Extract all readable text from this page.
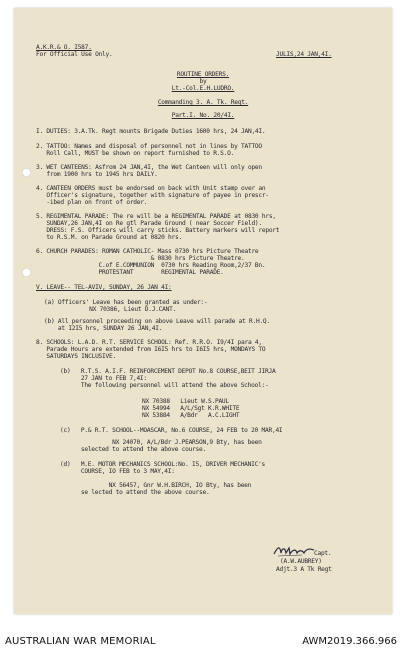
A.K.R.& O. I587.
For Official Use Only.	JULIS,24 JAN,4I.
ROUTINE ORDERS.
by
Lt.-Col.E.H.LUDRO.
Commanding 3. A. Tk. Regt.
Part.I. No. 20/4I.
I. DUTIES: 3.A.Tk. Regt mounts Brigade Duties 1600 hrs, 24 JAN,4I.
2. TATTOO: Names and disposal of personnel not in lines by TATTOO
Roll Call, MUST be shown on report furnished to R.S.O.
3. WET CANTEENS: Asfrom 24 JAN,4I, the Wet Canteen will only open
from 1900 hrs to 1945 hrs DAILY.
4. CANTEEN ORDERS must be endorsed on back with Unit stamp over an
Officer's signature, together with signature of payee in prescr-
-ibed plan on front of order.
5. REGIMENTAL PARADE: The re will be a REGIMENTAL PARADE at 0830 hrs,
SUNDAY,26 JAN,4I on Re gtl Parade Ground ( near Soccer Field).
DRESS: F.S. Officers will carry sticks. Battery markers will report
to R.S.M. on Parade Ground at 0820 hrs.
6. CHURCH PARADES: ROMAN CATHOLIC- Mass 0730 hrs Picture Theatre
& 0830 hrs Picture Theatre.
C.of E.COMMUNION  0730 hrs Reading Room,2/37 Bn.
PROTESTANT        REGIMENTAL PARADE.
V. LEAVE-- TEL-AVIV, SUNDAY, 26 JAN 4I:
(a) Officers' Leave has been granted as under:-
NX 70386, Lieut D.J.CANT.
(b) All personnel proceeding on above Leave will parade at R.H.Q.
at I2I5 hrs, SUNDAY 26 JAN,4I.
8. SCHOOLS: L.A.D. R.T. SERVICE SCHOOL: Ref. R.R.O. I9/4I para 4,
Parade Hours are extended from I6I5 hrs to I6I5 hrs, MONDAYS TO
SATURDAYS INCLUSIVE.
(b)   R.T.S. A.I.F. REINFORCEMENT DEPOT No.8 COURSE,BEIT JIRJA
27 JAN to FEB 7,4I:
The following personnel will attend the above School:-
NX 70388   Lieut W.S.PAUL
NX 54994   A/L/Sgt K.R.WHITE
NX 53884   A/Bdr   A.C.LIGHT
(c)   P.& R.T. SCHOOL--MOASCAR, No.6 COURSE, 24 FEB to 20 MAR,4I
NX 24070, A/L/Bdr J.PEARSON,9 Bty, has been
selected to attend the above course.
(d)   M.E. MOTOR MECHANICS SCHOOL:No. I5, DRIVER MECHANIC's
COURSE, IO FEB to 3 MAY,4I:
NX 56457, Gnr W.H.BIRCH, IO Bty, has been
se lected to attend the above course.
Capt.
(A.W.AUBREY)
Adjt.3 A Tk Regt
AUSTRALIAN WAR MEMORIAL	AWM2019.366.966
